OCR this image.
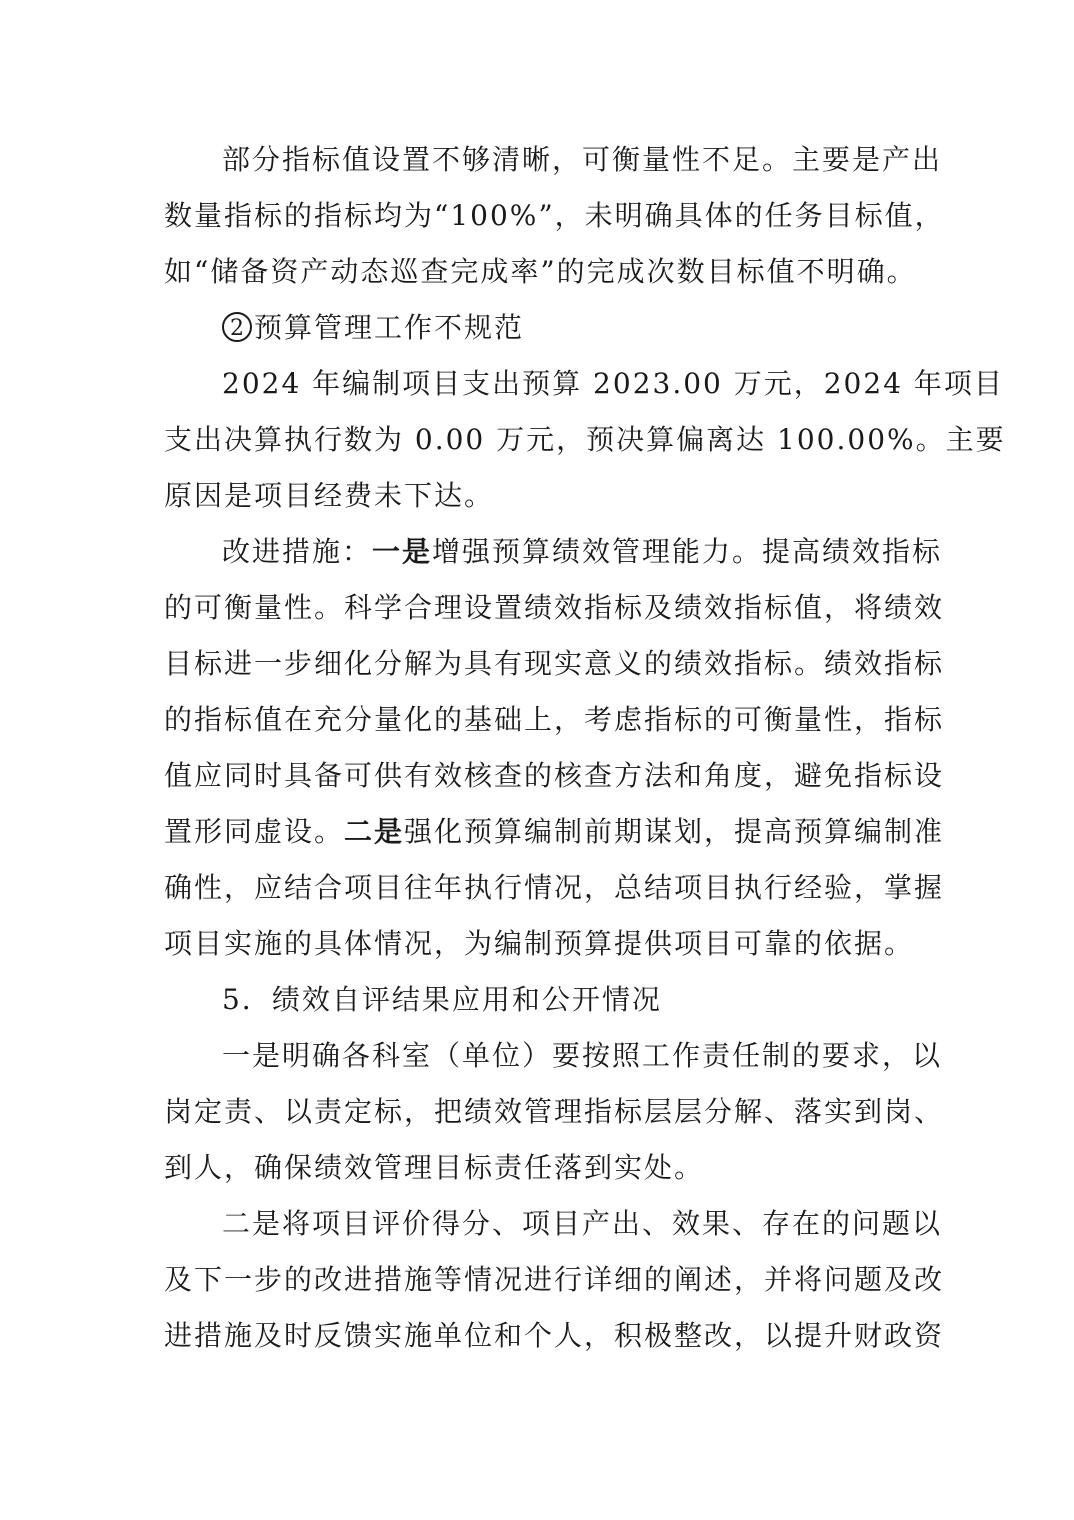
部分指标值设置不够清晰，可衡量性不足。主要是产出
数量指标的指标均为“100%”，未明确具体的任务目标值，
如“储备资产动态巡查完成率”的完成次数目标值不明确。
2 预算管理工作不规范
2024 年编制项目支出预算 2023.00 万元，2024 年项目
支出决算执行数为 0.00 万元，预决算偏离达 100.00%。主要
原因是项目经费未下达。
改进措施：一是增强预算绩效管理能力。提高绩效指标
的可衡量性。科学合理设置绩效指标及绩效指标值，将绩效
目标进一步细化分解为具有现实意义的绩效指标。绩效指标
的指标值在充分量化的基础上，考虑指标的可衡量性，指标
值应同时具备可供有效核查的核查方法和角度，避免指标设
置形同虚设。二是强化预算编制前期谋划，提高预算编制准
确性，应结合项目往年执行情况，总结项目执行经验，掌握
项目实施的具体情况，为编制预算提供项目可靠的依据。
5．绩效自评结果应用和公开情况
一是明确各科室（单位）要按照工作责任制的要求，以
岗定责、以责定标，把绩效管理指标层层分解、落实到岗、
到人，确保绩效管理目标责任落到实处。
二是将项目评价得分、项目产出、效果、存在的问题以
及下一步的改进措施等情况进行详细的阐述，并将问题及改
进措施及时反馈实施单位和个人，积极整改，以提升财政资
